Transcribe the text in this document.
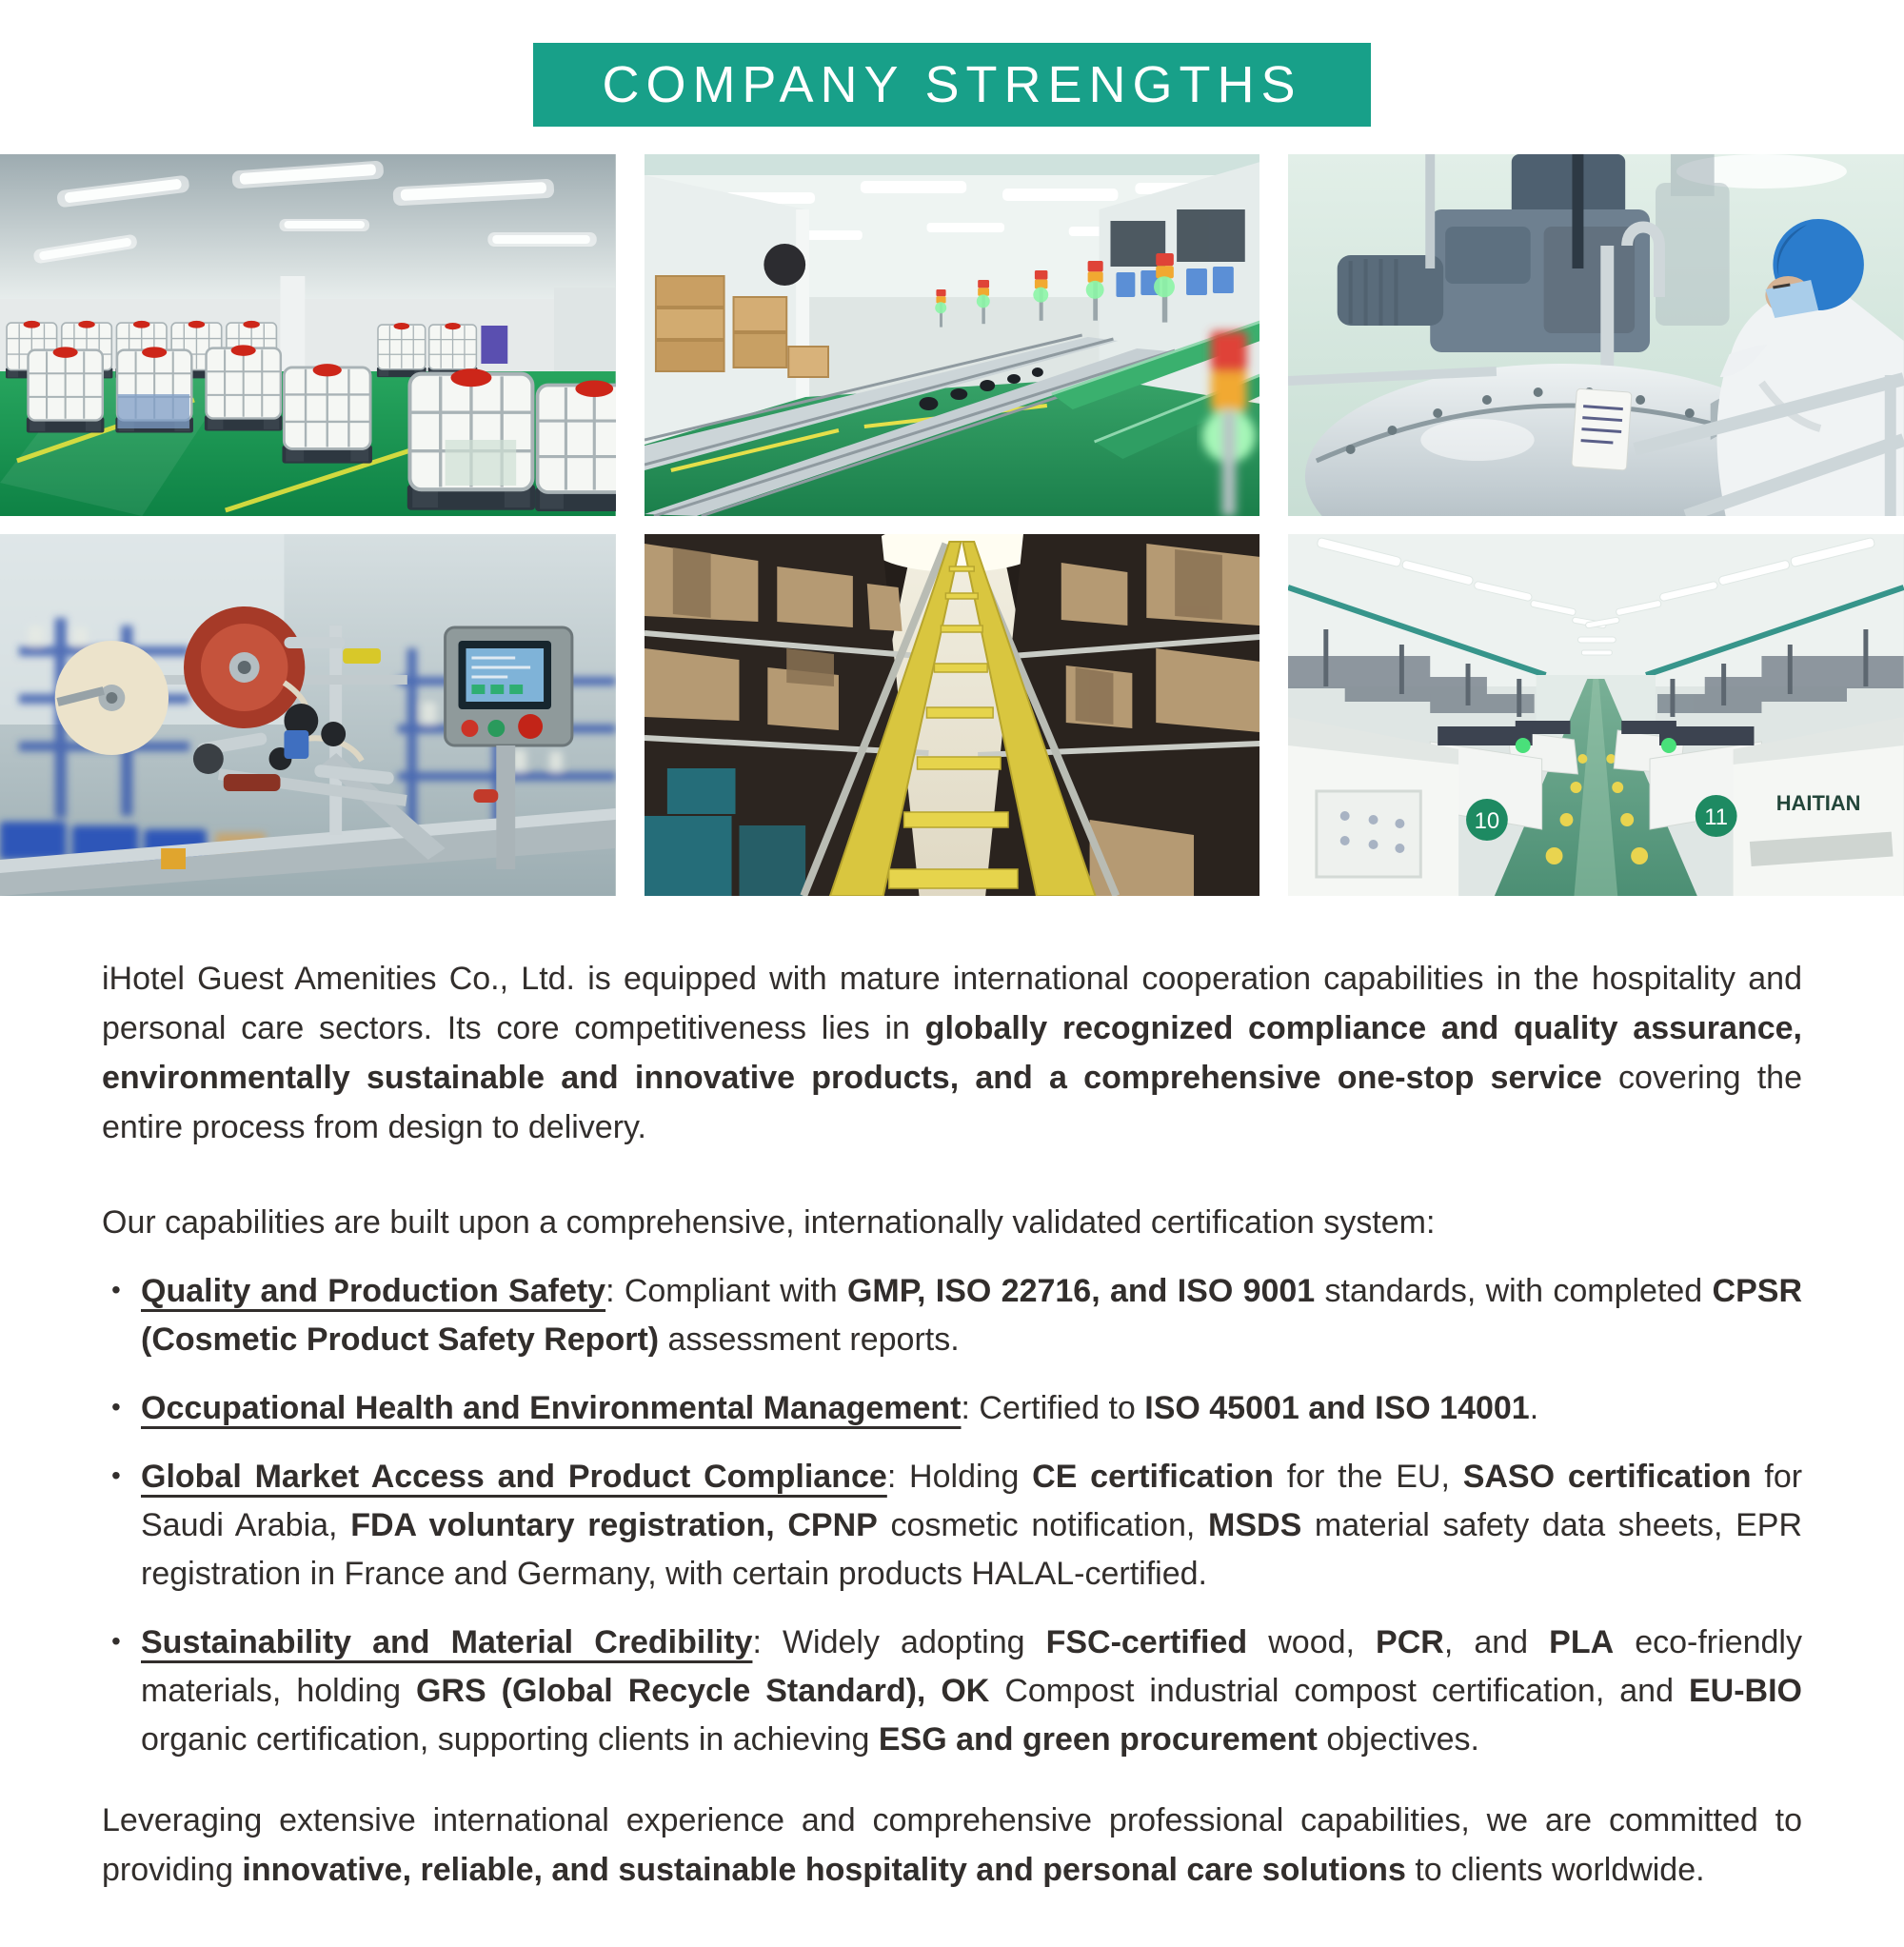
COMPANY STRENGTHS
10	11
HAITIAN

iHotel Guest Amenities Co., Ltd. is equipped with mature international cooperation capabilities in the hospitality and personal care sectors. Its core competitiveness lies in globally recognized compliance and quality assurance, environmentally sustainable and innovative products, and a comprehensive one-stop service covering the entire process from design to delivery.

Our capabilities are built upon a comprehensive, internationally validated certification system:

• Quality and Production Safety: Compliant with GMP, ISO 22716, and ISO 9001 standards, with completed CPSR (Cosmetic Product Safety Report) assessment reports.
• Occupational Health and Environmental Management: Certified to ISO 45001 and ISO 14001.
• Global Market Access and Product Compliance: Holding CE certification for the EU, SASO certification for Saudi Arabia, FDA voluntary registration, CPNP cosmetic notification, MSDS material safety data sheets, EPR registration in France and Germany, with certain products HALAL-certified.
• Sustainability and Material Credibility: Widely adopting FSC-certified wood, PCR, and PLA eco-friendly materials, holding GRS (Global Recycle Standard), OK Compost industrial compost certification, and EU-BIO organic certification, supporting clients in achieving ESG and green procurement objectives.

Leveraging extensive international experience and comprehensive professional capabilities, we are committed to providing innovative, reliable, and sustainable hospitality and personal care solutions to clients worldwide.
